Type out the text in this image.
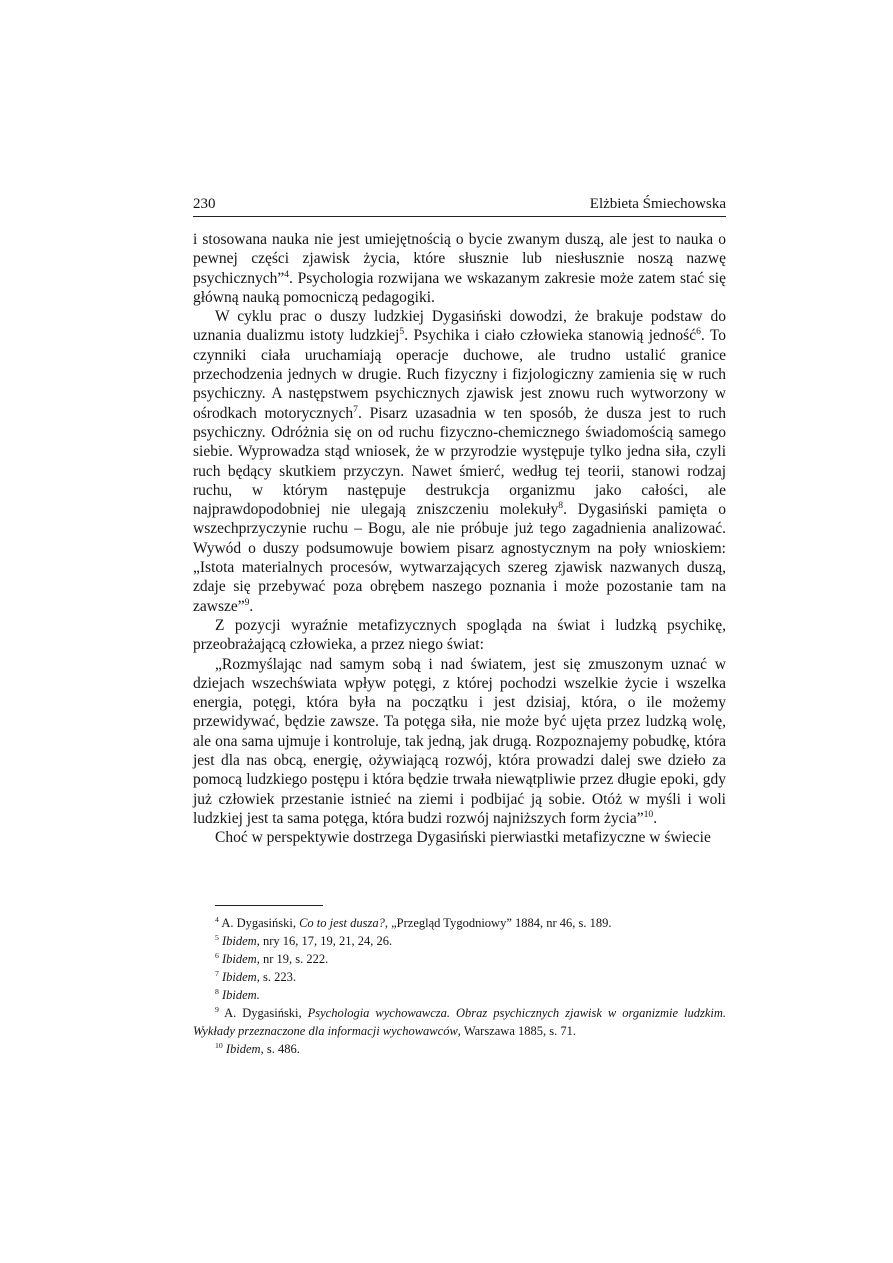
230	Elżbieta Śmiechowska

i stosowana nauka nie jest umiejętnością o bycie zwanym duszą, ale jest to nauka o pewnej części zjawisk życia, które słusznie lub niesłusznie noszą nazwę psychicznych”$^4$. Psychologia rozwijana we wskazanym zakresie może zatem stać się główną nauką pomocniczą pedagogiki.

W cyklu prac o duszy ludzkiej Dygasiński dowodzi, że brakuje podstaw do uznania dualizmu istoty ludzkiej$^5$. Psychika i ciało człowieka stanowią jedność$^6$. To czynniki ciała uruchamiają operacje duchowe, ale trudno ustalić granice przechodzenia jednych w drugie. Ruch fizyczny i fizjologiczny zamienia się w ruch psychiczny. A następstwem psychicznych zjawisk jest znowu ruch wytworzony w ośrodkach motorycznych$^7$. Pisarz uzasadnia w ten sposób, że dusza jest to ruch psychiczny. Odróżnia się on od ruchu fizyczno-chemicznego świadomością samego siebie. Wyprowadza stąd wniosek, że w przyrodzie występuje tylko jedna siła, czyli ruch będący skutkiem przyczyn. Nawet śmierć, według tej teorii, stanowi rodzaj ruchu, w którym następuje destrukcja organizmu jako całości, ale najprawdopodobniej nie ulegają zniszczeniu molekuły$^8$. Dygasiński pamięta o wszechprzyczynie ruchu – Bogu, ale nie próbuje już tego zagadnienia analizować. Wywód o duszy podsumowuje bowiem pisarz agnostycznym na poły wnioskiem: „Istota materialnych procesów, wytwarzających szereg zjawisk nazwanych duszą, zdaje się przebywać poza obrębem naszego poznania i może pozostanie tam na zawsze”$^9$.

Z pozycji wyraźnie metafizycznych spogląda na świat i ludzką psychikę, przeobrażającą człowieka, a przez niego świat:

„Rozmyślając nad samym sobą i nad światem, jest się zmuszonym uznać w dziejach wszechświata wpływ potęgi, z której pochodzi wszelkie życie i wszelka energia, potęgi, która była na początku i jest dzisiaj, która, o ile możemy przewidywać, będzie zawsze. Ta potęga siła, nie może być ujęta przez ludzką wolę, ale ona sama ujmuje i kontroluje, tak jedną, jak drugą. Rozpoznajemy pobudkę, która jest dla nas obcą, energię, ożywiającą rozwój, która prowadzi dalej swe dzieło za pomocą ludzkiego postępu i która będzie trwała niewątpliwie przez długie epoki, gdy już człowiek przestanie istnieć na ziemi i podbijać ją sobie. Otóż w myśli i woli ludzkiej jest ta sama potęga, która budzi rozwój najniższych form życia”$^{10}$.

Choć w perspektywie dostrzega Dygasiński pierwiastki metafizyczne w świecie

$^4$ A. Dygasiński, Co to jest dusza?, „Przegląd Tygodniowy” 1884, nr 46, s. 189.

$^5$ Ibidem, nry 16, 17, 19, 21, 24, 26.

$^6$ Ibidem, nr 19, s. 222.

$^7$ Ibidem, s. 223.

$^8$ Ibidem.

$^9$ A. Dygasiński, Psychologia wychowawcza. Obraz psychicznych zjawisk w organizmie ludzkim. Wykłady przeznaczone dla informacji wychowawców, Warszawa 1885, s. 71.

$^{10}$ Ibidem, s. 486.
